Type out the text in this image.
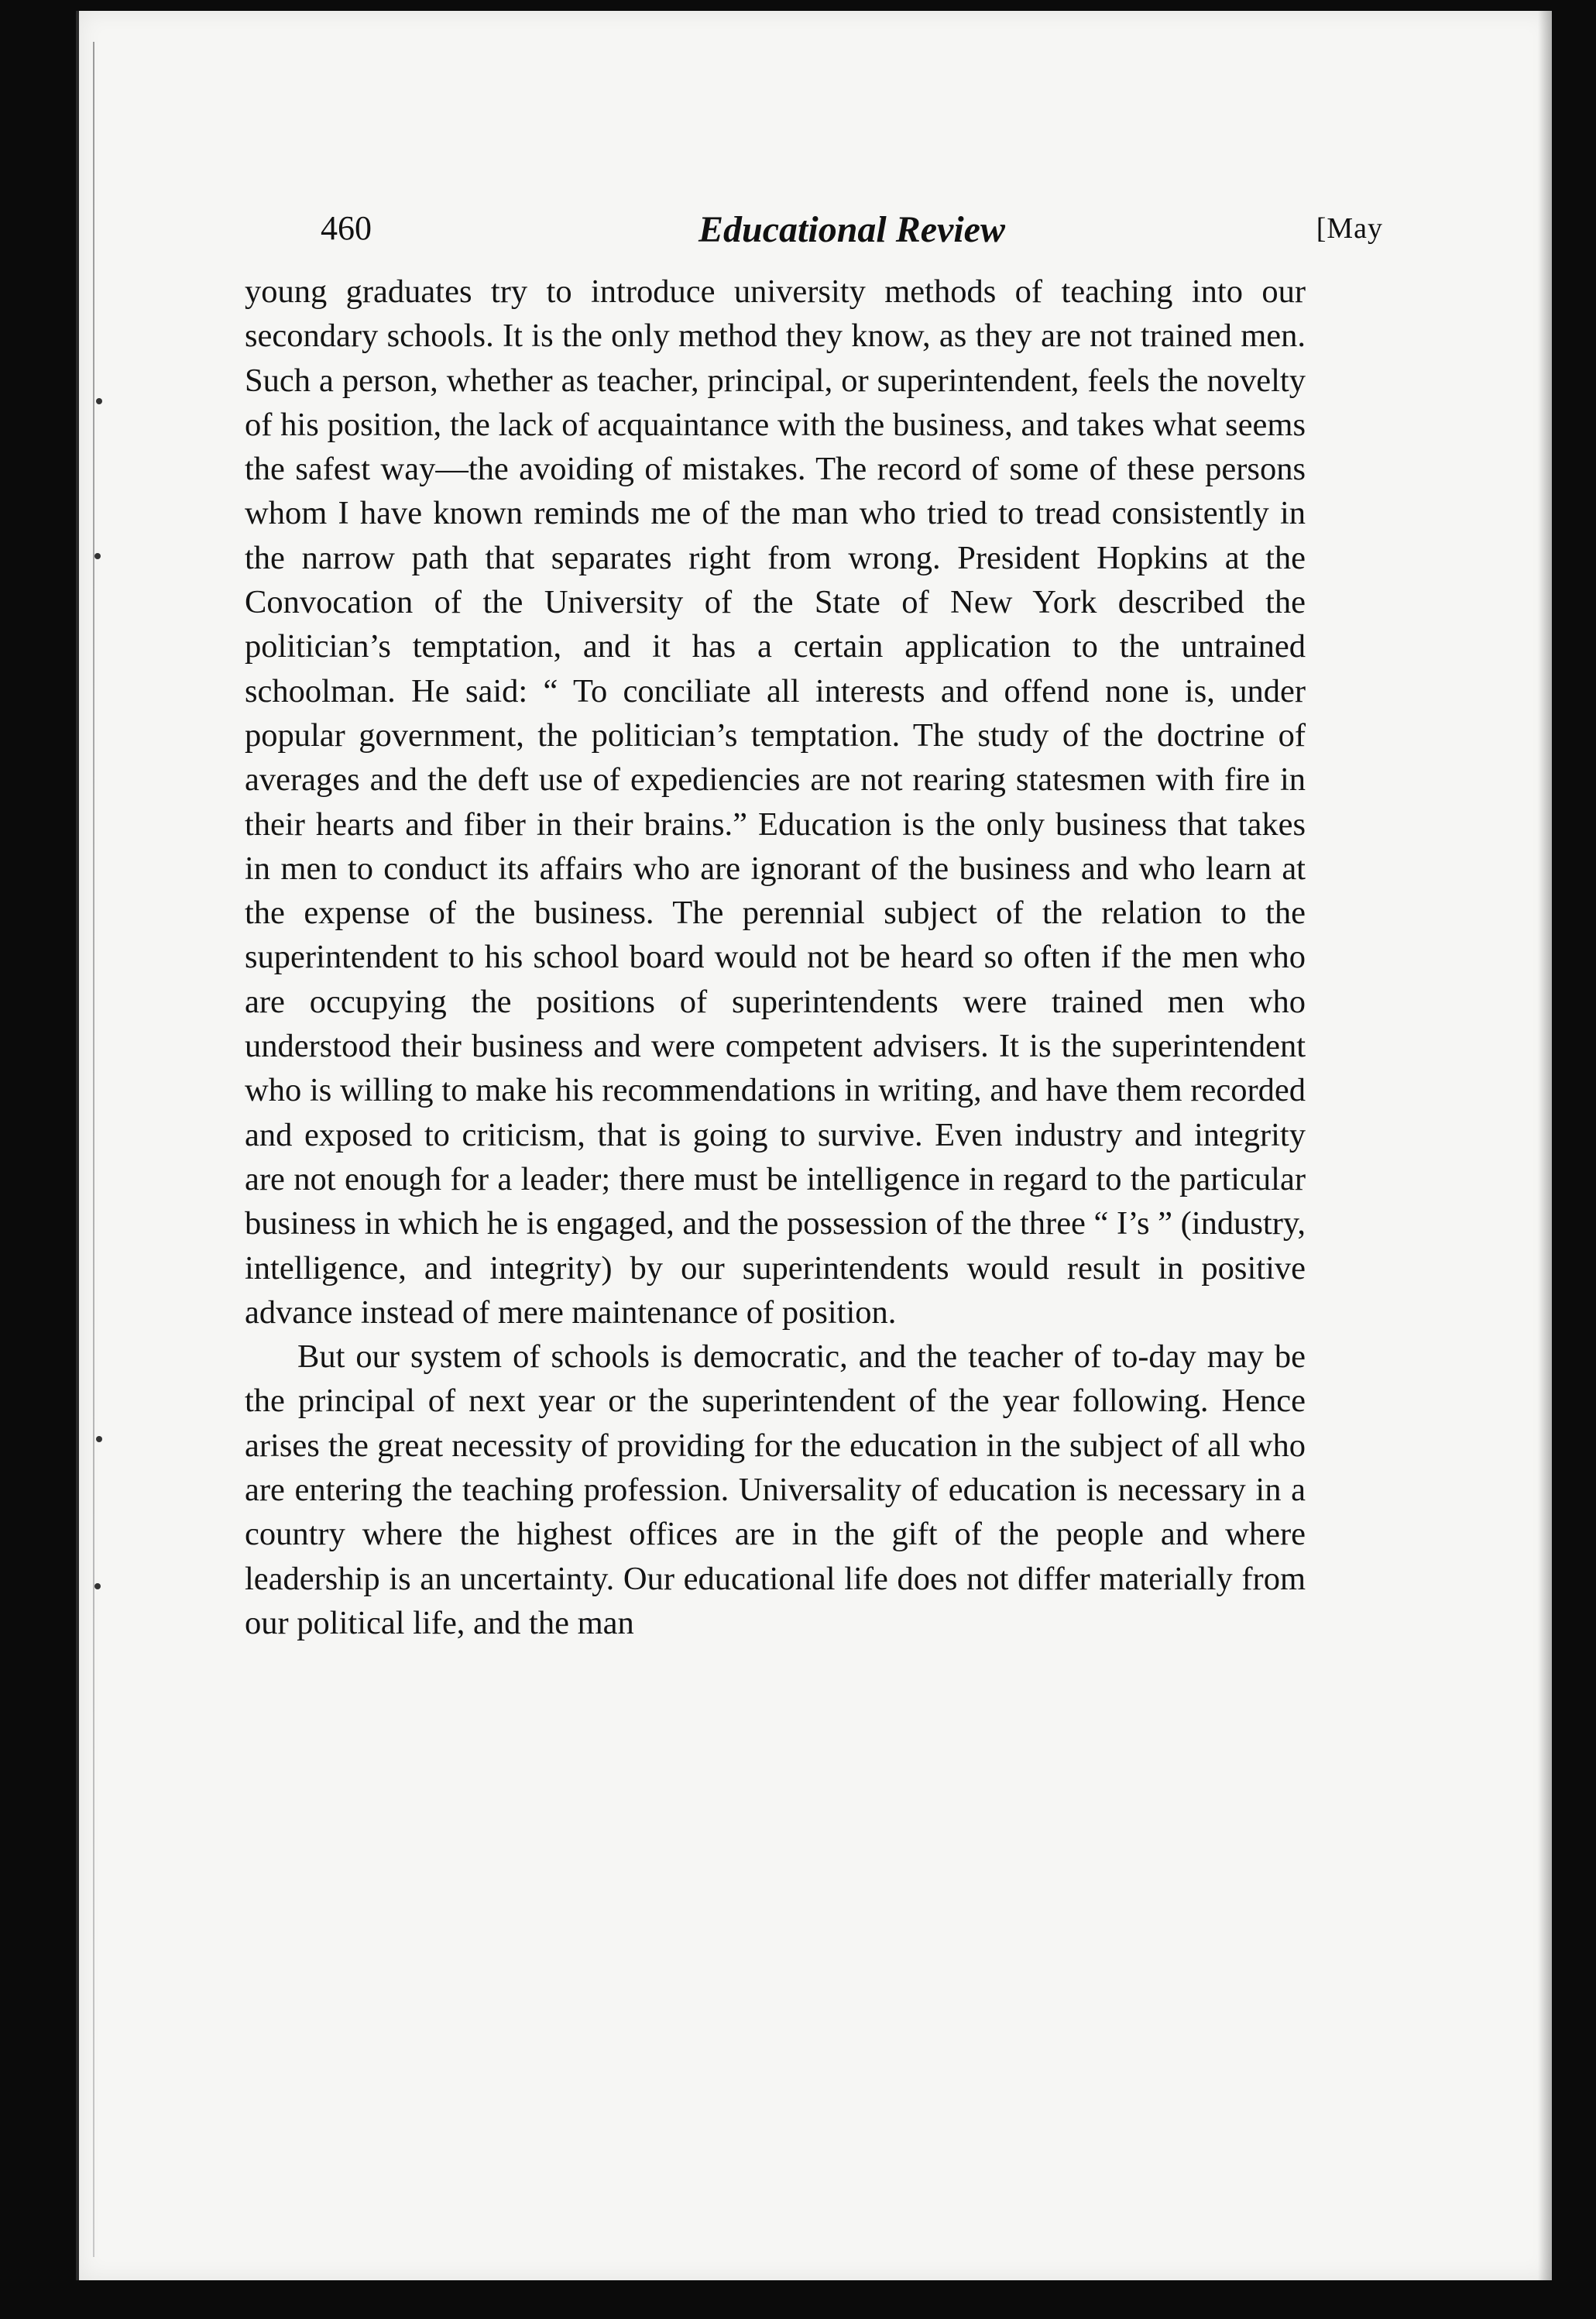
460	Educational Review	[May

young graduates try to introduce university methods of teaching into our secondary schools. It is the only method they know, as they are not trained men. Such a person, whether as teacher, principal, or superintendent, feels the novelty of his position, the lack of acquaintance with the business, and takes what seems the safest way—the avoiding of mistakes. The record of some of these persons whom I have known reminds me of the man who tried to tread consistently in the narrow path that separates right from wrong. President Hopkins at the Convocation of the University of the State of New York described the politician’s temptation, and it has a certain application to the untrained schoolman. He said: “ To conciliate all interests and offend none is, under popular government, the politician’s temptation. The study of the doctrine of averages and the deft use of expediencies are not rearing statesmen with fire in their hearts and fiber in their brains.” Education is the only business that takes in men to conduct its affairs who are ignorant of the business and who learn at the expense of the business. The perennial subject of the relation to the superintendent to his school board would not be heard so often if the men who are occupying the positions of superintendents were trained men who understood their business and were competent advisers. It is the superintendent who is willing to make his recommendations in writing, and have them recorded and exposed to criticism, that is going to survive. Even industry and integrity are not enough for a leader; there must be intelligence in regard to the particular business in which he is engaged, and the possession of the three “ I’s ” (industry, intelligence, and integrity) by our superintendents would result in positive advance instead of mere maintenance of position.

But our system of schools is democratic, and the teacher of to-day may be the principal of next year or the superintendent of the year following. Hence arises the great necessity of providing for the education in the subject of all who are entering the teaching profession. Universality of education is necessary in a country where the highest offices are in the gift of the people and where leadership is an uncertainty. Our educational life does not differ materially from our political life, and the man
